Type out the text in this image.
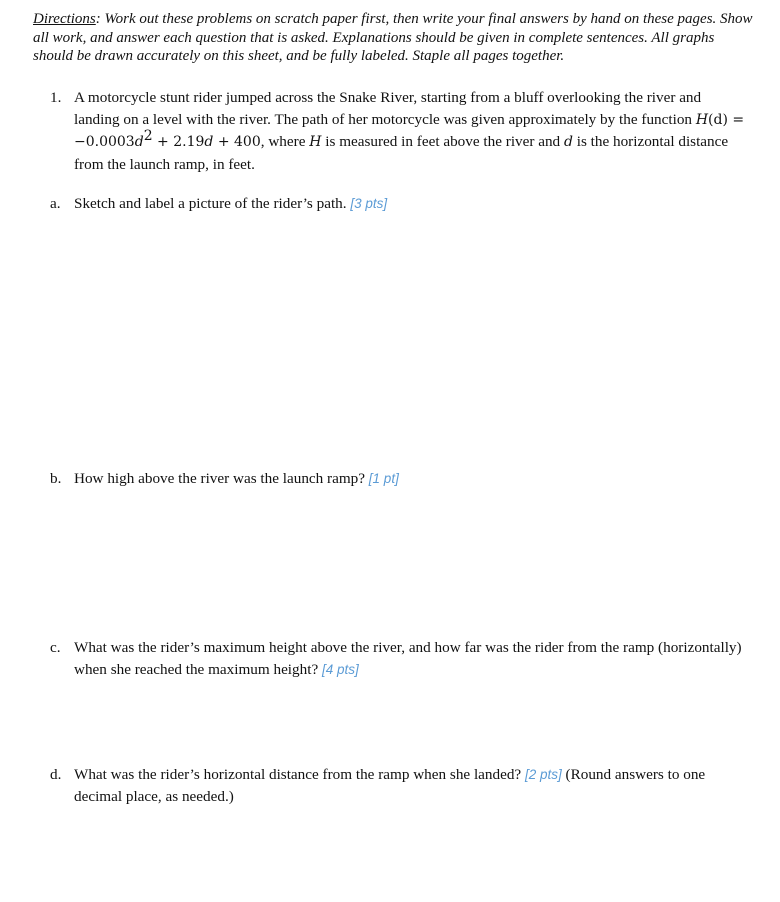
Directions: Work out these problems on scratch paper first, then write your final answers by hand on these pages. Show all work, and answer each question that is asked. Explanations should be given in complete sentences. All graphs should be drawn accurately on this sheet, and be fully labeled. Staple all pages together.
1. A motorcycle stunt rider jumped across the Snake River, starting from a bluff overlooking the river and landing on a level with the river. The path of her motorcycle was given approximately by the function $H(d) = -0.0003d^2 + 2.19d + 400$, where H is measured in feet above the river and d is the horizontal distance from the launch ramp, in feet.
a. Sketch and label a picture of the rider’s path. [3 pts]
b. How high above the river was the launch ramp? [1 pt]
c. What was the rider’s maximum height above the river, and how far was the rider from the ramp (horizontally) when she reached the maximum height? [4 pts]
d. What was the rider’s horizontal distance from the ramp when she landed? [2 pts] (Round answers to one decimal place, as needed.)
